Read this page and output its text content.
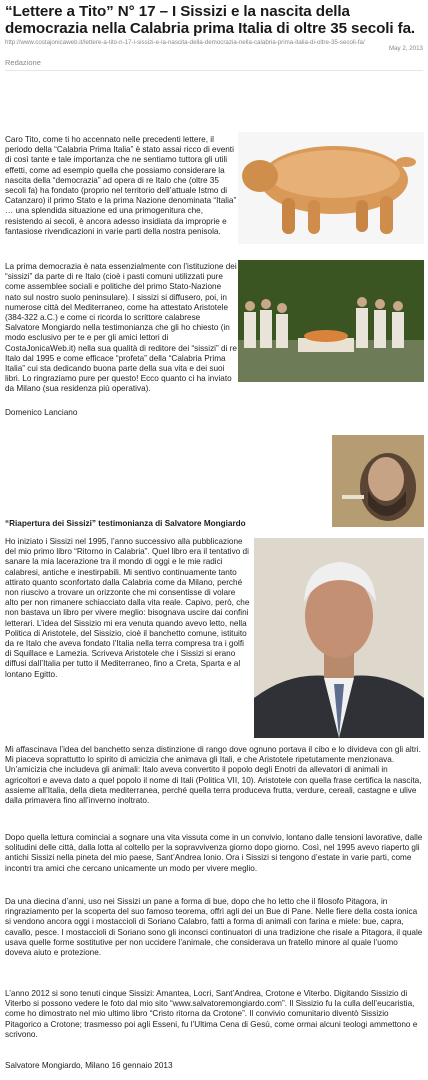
“Lettere a Tito” N° 17 – I Sissizi e la nascita della democrazia nella Calabria prima Italia di oltre 35 secoli fa.
http://www.costajonicaweb.it/lettere-a-tito-n-17-i-sissizi-e-la-nascita-della-democrazia-nella-calabria-prima-italia-di-oltre-35-secoli-fa/
May 2, 2013
Redazione

Caro Tito, come ti ho accennato nelle precedenti lettere, il periodo della “Calabria Prima Italia” è stato assai ricco di eventi di così tante e tale importanza che ne sentiamo tuttora gli utili effetti, come ad esempio quella che possiamo considerare la nascita della “democrazia” ad opera di re Italo che (oltre 35 secoli fa) ha fondato (proprio nel territorio dell’attuale Istmo di Catanzaro) il primo Stato e la prima Nazione denominata “Italia” … una splendida situazione ed una primogenitura che, resistendo ai secoli, è ancora adesso insidiata da improprie e fantasiose rivendicazioni in varie parti della nostra penisola.

La prima democrazia è nata essenzialmente con l’istituzione dei “sissizi” da parte di re Italo (cioè i pasti comuni utilizzati pure come assemblee sociali e politiche del primo Stato-Nazione nato sul nostro suolo peninsulare). I sissizi si diffusero, poi, in numerose città del Mediterraneo, come ha attestato Aristotele (384-322 a.C.) e come ci ricorda lo scrittore calabrese Salvatore Mongiardo nella testimonianza che gli ho chiesto (in modo esclusivo per te e per gli amici lettori di CostaJonicaWeb.it) nella sua qualità di reditore dei “sissizi” di re Italo dal 1995 e come efficace “profeta” della “Calabria Prima Italia” cui sta dedicando buona parte della sua vita e dei suoi libri. Lo ringraziamo pure per questo! Ecco quanto ci ha inviato da Milano (sua residenza più operativa).

Domenico Lanciano

“Riapertura dei Sissizi” testimonianza di Salvatore Mongiardo

Ho iniziato i Sissizi nel 1995, l’anno successivo alla pubblicazione del mio primo libro “Ritorno in Calabria”. Quel libro era il tentativo di sanare la mia lacerazione tra il mondo di oggi e le mie radici calabresi, antiche e inestirpabili. Mi sentivo continuamente tanto attirato quanto sconfortato dalla Calabria come da Milano, perché non riuscivo a trovare un orizzonte che mi consentisse di volare alto per non rimanere schiacciato dalla vita reale. Capivo, però, che non bastava un libro per vivere meglio: bisognava uscire dai confini letterari. L’idea del Sissizio mi era venuta quando avevo letto, nella Politica di Aristotele, del Sissizio, cioè il banchetto comune, istituito da re Italo che aveva fondato l’Italia nella terra compresa tra i golfi di Squillace e Lamezia. Scriveva Aristotele che i Sissizi si erano diffusi dall’Italia per tutto il Mediterraneo, fino a Creta, Sparta e al lontano Egitto.

Mi affascinava l’idea del banchetto senza distinzione di rango dove ognuno portava il cibo e lo dividevа con gli altri. Mi piaceva soprattutto lo spirito di amicizia che animava gli Itali, e che Aristotele ripetutamente menzionava. Un’amicizia che includeva gli animali: Italo aveva convertito il popolo degli Enotri da allevatori di animali in agricoltori e aveva dato a quel popolo il nome di Itali (Politica VII, 10). Aristotele con quella frase certifica la nascita, assieme all’Italia, della dieta mediterranea, perché quella terra produceva frutta, verdure, cereali, castagne e ulive dalla primavera fino all’inverno inoltrato.

Dopo quella lettura cominciai a sognare una vita vissuta come in un convivio, lontano dalle tensioni lavorative, dalle solitudini delle città, dalla lotta al coltello per la sopravvivenza giorno dopo giorno. Così, nel 1995 avevo riaperto gli antichi Sissizi nella pineta del mio paese, Sant’Andrea Ionio. Ora i Sissizi si tengono d’estate in varie parti, come incontri tra amici che cercano unicamente un modo per vivere meglio.

Da una diecina d’anni, uso nei Sissizi un pane a forma di bue, dopo che ho letto che il filosofo Pitagora, in ringraziamento per la scoperta del suo famoso teorema, offrì agli dei un Bue di Pane. Nelle fiere della costa ionica si vendono ancora oggi i mostaccioli di Soriano Calabro, fatti a forma di animali con farina e miele: bue, capra, cavallo, pesce. I mostaccioli di Soriano sono gli inconsci continuatori di una tradizione che risale a Pitagora, il quale usava quelle forme sostitutive per non uccidere l’animale, che considerava un fratello minore al quale l’uomo doveva aiuto e protezione.

L’anno 2012 si sono tenuti cinque Sissizi: Amantea, Locri, Sant’Andrea, Crotone e Viterbo. Digitando Sissizio di Viterbo si possono vedere le foto dal mio sito “www.salvatoremongiardo.com”. Il Sissizio fu la culla dell’eucaristia, come ho dimostrato nel mio ultimo libro “Cristo ritorna da Crotone”. Il convivio comunitario diventò Sissizio Pitagorico a Crotone; trasmesso poi agli Esseni, fu l’Ultima Cena di Gesù, come ormai alcuni teologi ammettono e scrivono.

Salvatore Mongiardo, Milano 16 gennaio 2013
